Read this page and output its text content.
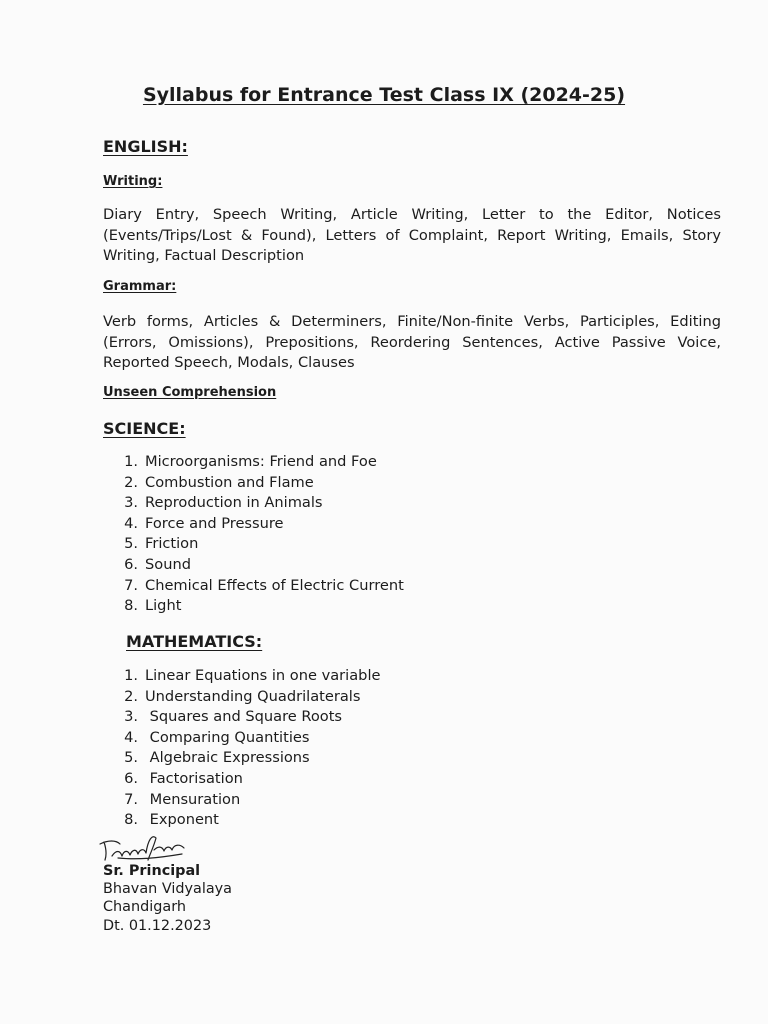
Syllabus for Entrance Test Class IX (2024-25)
ENGLISH:
Writing:
Diary Entry, Speech Writing, Article Writing, Letter to the Editor, Notices (Events/Trips/Lost & Found), Letters of Complaint, Report Writing, Emails, Story Writing, Factual Description
Grammar:
Verb forms, Articles & Determiners, Finite/Non-finite Verbs, Participles, Editing (Errors, Omissions), Prepositions, Reordering Sentences, Active Passive Voice, Reported Speech, Modals, Clauses
Unseen Comprehension
SCIENCE:
1. Microorganisms: Friend and Foe
2. Combustion and Flame
3. Reproduction in Animals
4. Force and Pressure
5. Friction
6. Sound
7. Chemical Effects of Electric Current
8. Light
MATHEMATICS:
1. Linear Equations in one variable
2. Understanding Quadrilaterals
3. Squares and Square Roots
4. Comparing Quantities
5. Algebraic Expressions
6. Factorisation
7. Mensuration
8. Exponent
Sr. Principal
Bhavan Vidyalaya
Chandigarh
Dt. 01.12.2023
